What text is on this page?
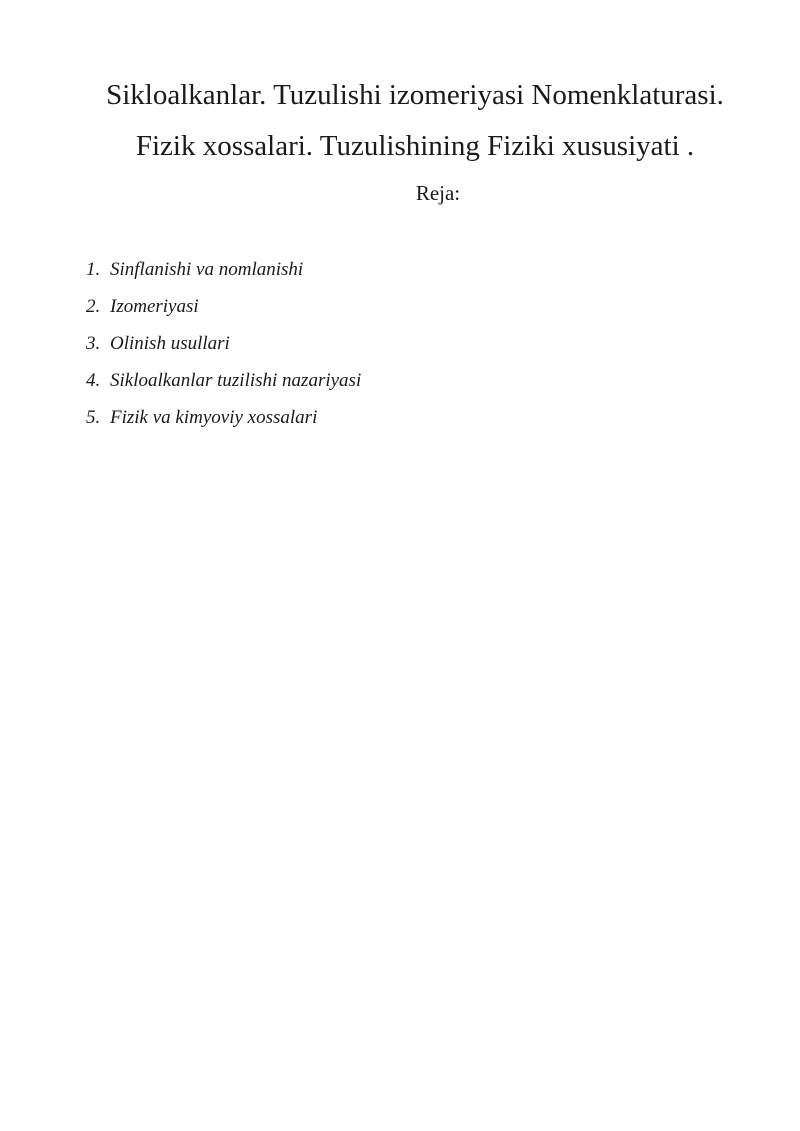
Sikloalkanlar. Tuzulishi izomeriyasi Nomenklaturasi.
Fizik xossalari. Tuzulishining Fiziki xususiyati .
Reja:
1. Sinflanishi va nomlanishi
2. Izomeriyasi
3. Olinish usullari
4. Sikloalkanlar tuzilishi nazariyasi
5. Fizik va kimyoviy xossalari
